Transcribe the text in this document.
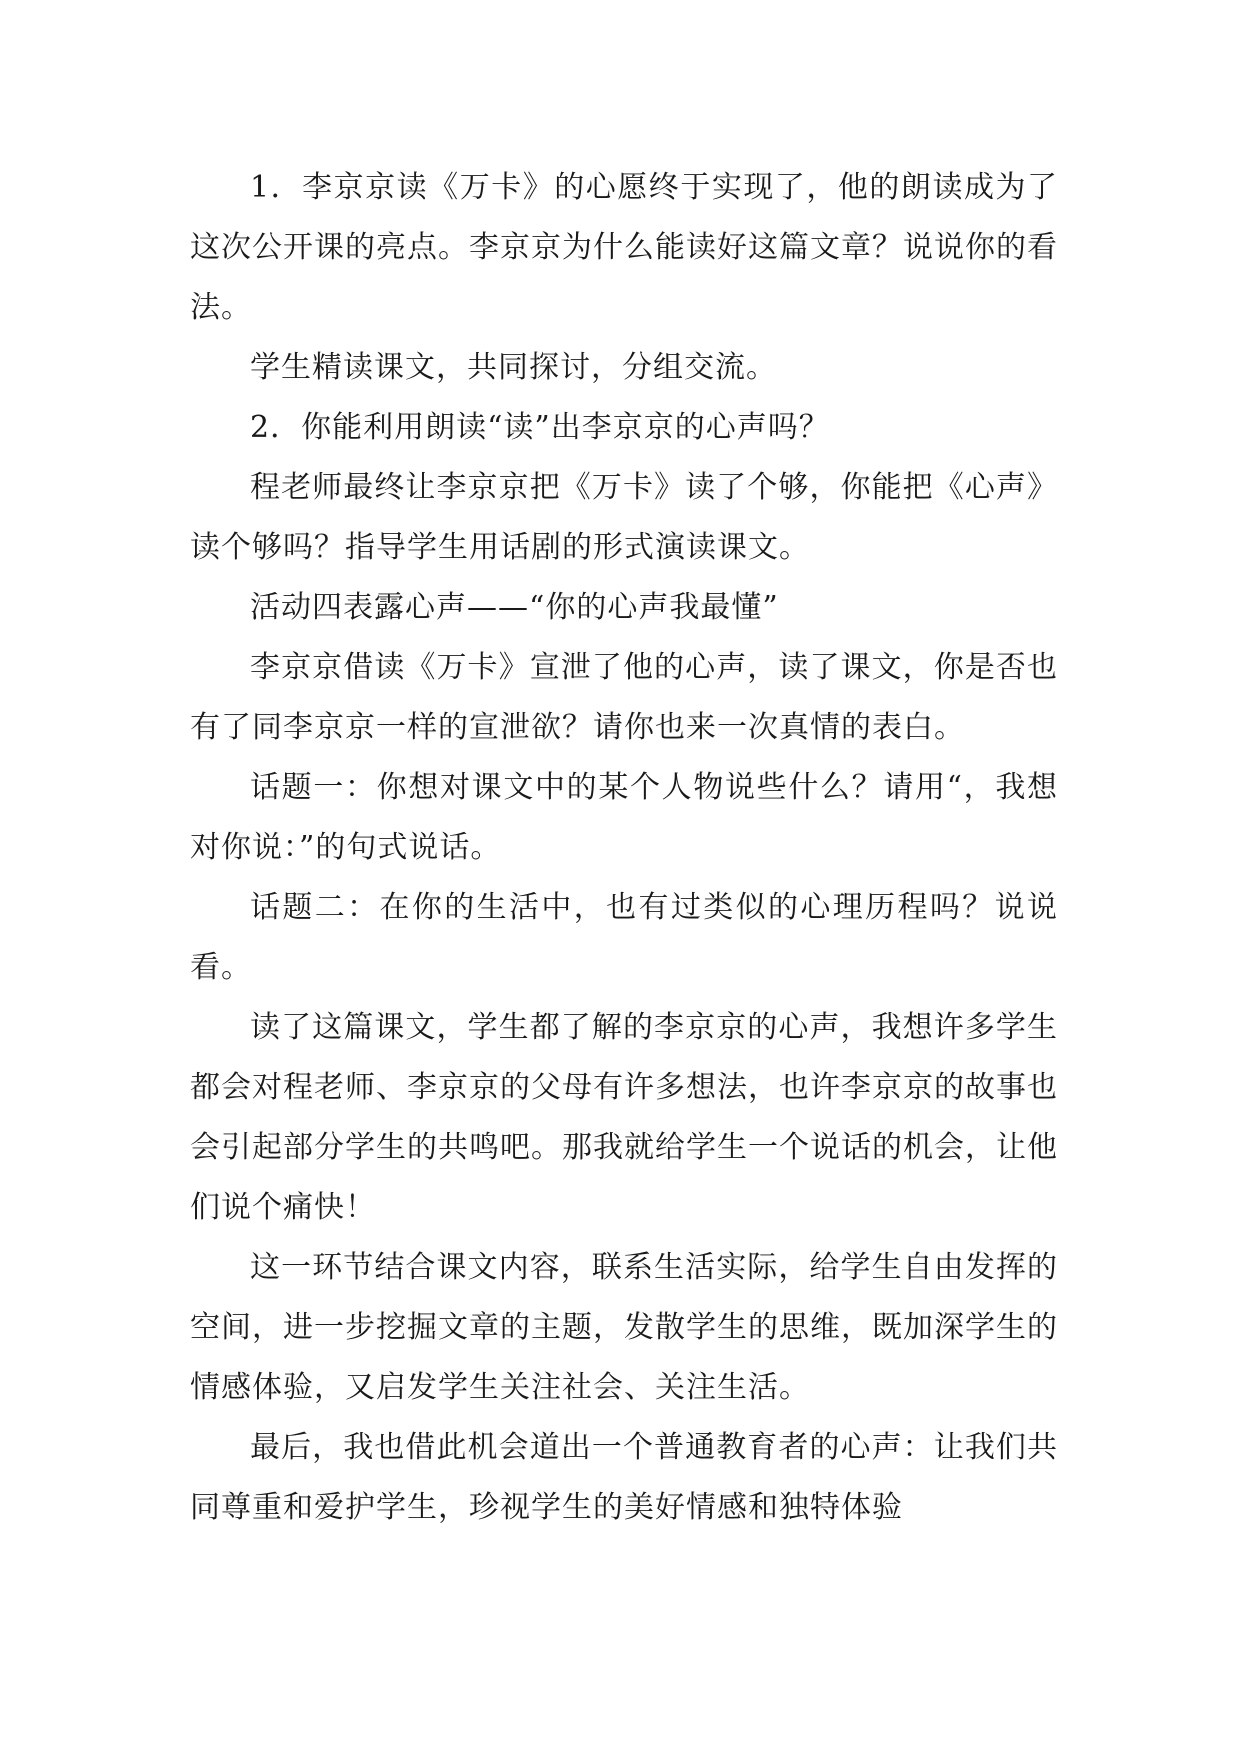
1．李京京读《万卡》的心愿终于实现了，他的朗读成为了这次公开课的亮点。李京京为什么能读好这篇文章？说说你的看法。

学生精读课文，共同探讨，分组交流。

2．你能利用朗读“读”出李京京的心声吗？

程老师最终让李京京把《万卡》读了个够，你能把《心声》读个够吗？指导学生用话剧的形式演读课文。

活动四表露心声——“你的心声我最懂”

李京京借读《万卡》宣泄了他的心声，读了课文，你是否也有了同李京京一样的宣泄欲？请你也来一次真情的表白。

话题一：你想对课文中的某个人物说些什么？请用“，我想对你说：”的句式说话。

话题二：在你的生活中，也有过类似的心理历程吗？说说看。

读了这篇课文，学生都了解的李京京的心声，我想许多学生都会对程老师、李京京的父母有许多想法，也许李京京的故事也会引起部分学生的共鸣吧。那我就给学生一个说话的机会，让他们说个痛快！

这一环节结合课文内容，联系生活实际，给学生自由发挥的空间，进一步挖掘文章的主题，发散学生的思维，既加深学生的情感体验，又启发学生关注社会、关注生活。

最后，我也借此机会道出一个普通教育者的心声：让我们共同尊重和爱护学生，珍视学生的美好情感和独特体验
